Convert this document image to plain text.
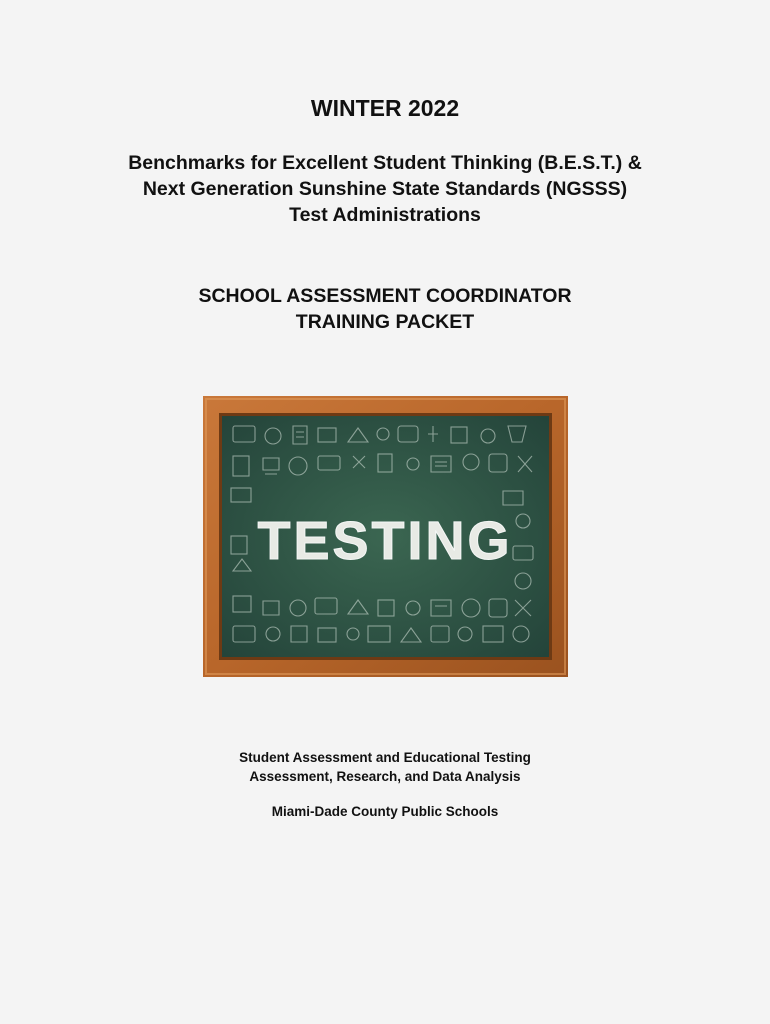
WINTER 2022
Benchmarks for Excellent Student Thinking (B.E.S.T.) &
Next Generation Sunshine State Standards (NGSSS)
Test Administrations
SCHOOL ASSESSMENT COORDINATOR
TRAINING PACKET
TESTING
Student Assessment and Educational Testing
Assessment, Research, and Data Analysis
Miami-Dade County Public Schools
